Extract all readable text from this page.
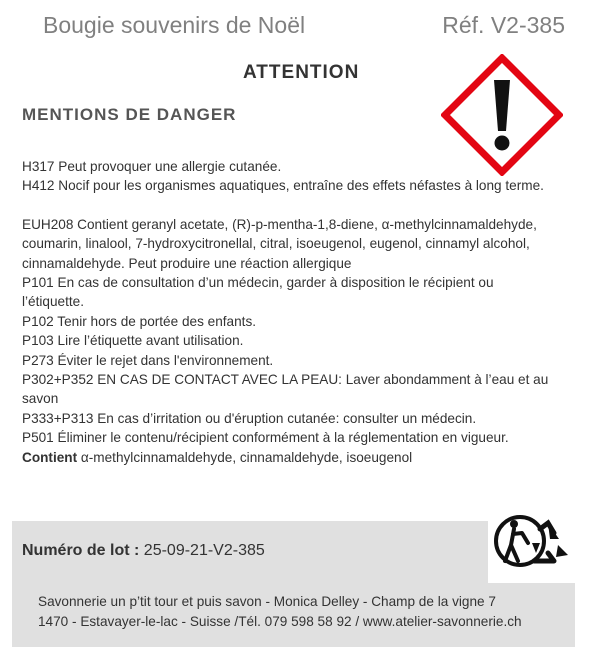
Bougie souvenirs de Noël	Réf. V2-385
ATTENTION
MENTIONS DE DANGER

H317 Peut provoquer une allergie cutanée.

H412 Nocif pour les organismes aquatiques, entraîne des effets néfastes à long terme.

EUH208 Contient geranyl acetate, (R)-p-mentha-1,8-diene, α-methylcinnamaldehyde, coumarin, linalool, 7-hydroxycitronellal, citral, isoeugenol, eugenol, cinnamyl alcohol, cinnamaldehyde. Peut produire une réaction allergique

P101 En cas de consultation d’un médecin, garder à disposition le récipient ou l’étiquette.

P102 Tenir hors de portée des enfants.

P103 Lire l’étiquette avant utilisation.

P273 Éviter le rejet dans l'environnement.

P302+P352 EN CAS DE CONTACT AVEC LA PEAU: Laver abondamment à l’eau et au savon

P333+P313 En cas d’irritation ou d'éruption cutanée: consulter un médecin.

P501 Éliminer le contenu/récipient conformément à la réglementation en vigueur.

Contient α-methylcinnamaldehyde, cinnamaldehyde, isoeugenol

Numéro de lot : 25-09-21-V2-385
Savonnerie un p’tit tour et puis savon - Monica Delley - Champ de la vigne 7
1470 - Estavayer-le-lac - Suisse /Tél. 079 598 58 92 / www.atelier-savonnerie.ch
